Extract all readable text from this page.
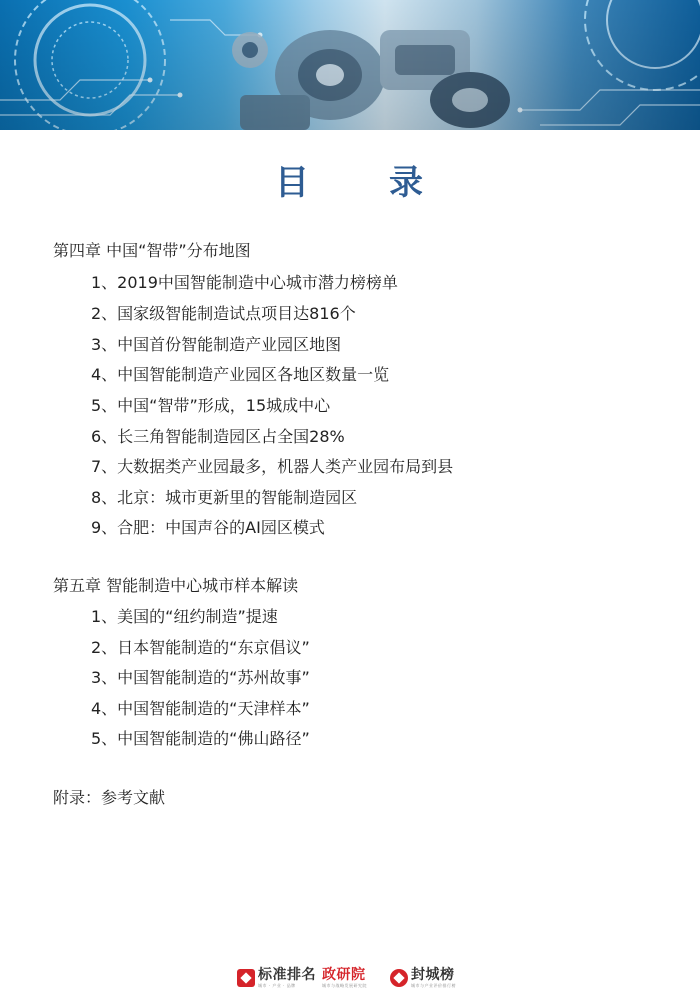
目 录
第四章 中国“智带”分布地图
1、2019中国智能制造中心城市潜力榜榜单
2、国家级智能制造试点项目达816个
3、中国首份智能制造产业园区地图
4、中国智能制造产业园区各地区数量一览
5、中国“智带”形成，15城成中心
6、长三角智能制造园区占全国28%
7、大数据类产业园最多，机器人类产业园布局到县
8、北京：城市更新里的智能制造园区
9、合肥：中国声谷的AI园区模式
第五章 智能制造中心城市样本解读
1、美国的“纽约制造”提速
2、日本智能制造的“东京倡议”
3、中国智能制造的“苏州故事”
4、中国智能制造的“天津样本”
5、中国智能制造的“佛山路径”
附录：参考文献
标准排名
城市 · 产业 · 品牌
政研院
城市与战略发展研究院
封城榜
城市与产业评价排行榜
